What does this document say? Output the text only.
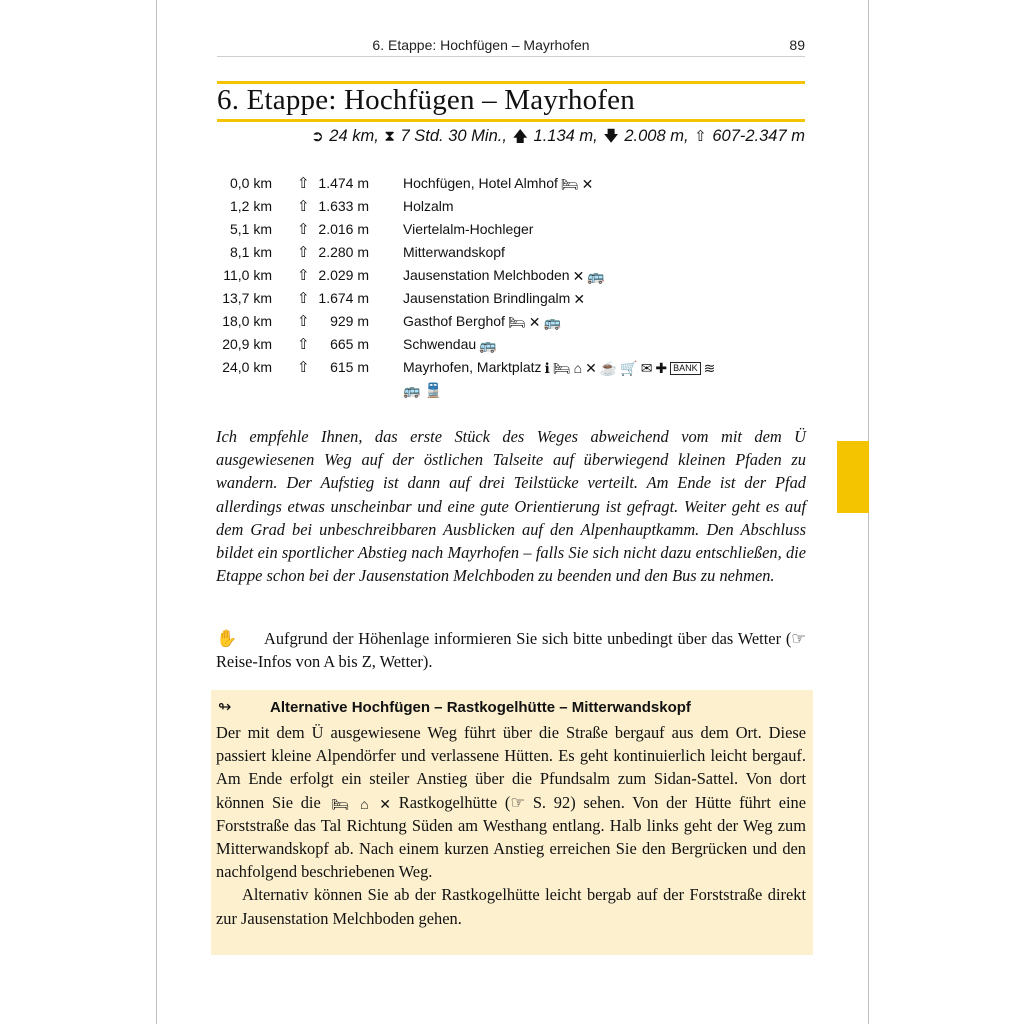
6. Etappe: Hochfügen – Mayrhofen	89
6. Etappe: Hochfügen – Mayrhofen
➲ 24 km, ⧗ 7 Std. 30 Min., 🡅 1.134 m, 🡇 2.008 m, ⇧ 607-2.347 m
0,0 km ⇧ 1.474 m Hochfügen, Hotel Almhof 🛏 ✕
1,2 km ⇧ 1.633 m Holzalm
5,1 km ⇧ 2.016 m Viertelalm-Hochleger
8,1 km ⇧ 2.280 m Mitterwandskopf
11,0 km ⇧ 2.029 m Jausenstation Melchboden ✕ 🚌
13,7 km ⇧ 1.674 m Jausenstation Brindlingalm ✕
18,0 km ⇧	929 m Gasthof Berghof 🛏 ✕ 🚌
20,9 km ⇧	665 m Schwendau 🚌
24,0 km ⇧	615 m Mayrhofen, Marktplatz ℹ 🛏 ⌂ ✕ ☕ 🛒 ✉ ✚ BANK ≋
🚌 🚆
Ich empfehle Ihnen, das erste Stück des Weges abweichend vom mit dem Ü ausgewiesenen Weg auf der östlichen Talseite auf überwiegend kleinen Pfaden zu wandern. Der Aufstieg ist dann auf drei Teilstücke verteilt. Am Ende ist der Pfad allerdings etwas unscheinbar und eine gute Orientierung ist gefragt. Weiter geht es auf dem Grad bei unbeschreibbaren Ausblicken auf den Alpenhauptkamm. Den Abschluss bildet ein sportlicher Abstieg nach Mayrhofen – falls Sie sich nicht dazu entschließen, die Etappe schon bei der Jausenstation Melchboden zu beenden und den Bus zu nehmen.
✋ Aufgrund der Höhenlage informieren Sie sich bitte unbedingt über das Wetter (☞ Reise-Infos von A bis Z, Wetter).
↬	Alternative Hochfügen – Rastkogelhütte – Mitterwandskopf

Der mit dem Ü ausgewiesene Weg führt über die Straße bergauf aus dem Ort. Diese passiert kleine Alpendörfer und verlassene Hütten. Es geht kontinuierlich leicht bergauf. Am Ende erfolgt ein steiler Anstieg über die Pfundsalm zum Sidan-Sattel. Von dort können Sie die 🛏 ⌂ ✕ Rastkogelhütte (☞ S. 92) sehen. Von der Hütte führt eine Forststraße das Tal Richtung Süden am Westhang entlang. Halb links geht der Weg zum Mitterwandskopf ab. Nach einem kurzen Anstieg erreichen Sie den Bergrücken und den nachfolgend beschriebenen Weg.

Alternativ können Sie ab der Rastkogelhütte leicht bergab auf der Forststraße direkt zur Jausenstation Melchboden gehen.
